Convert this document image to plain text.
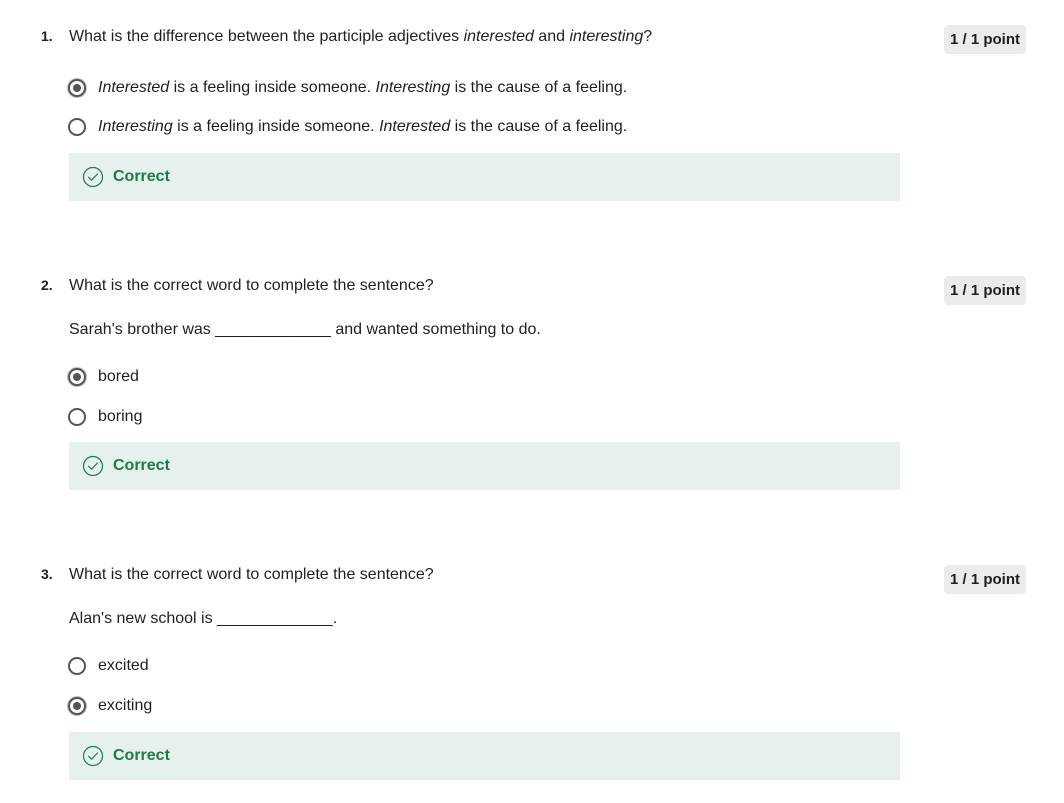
1. What is the difference between the participle adjectives interested and interesting?	1 / 1 point
Interested is a feeling inside someone. Interesting is the cause of a feeling.
Interesting is a feeling inside someone. Interested is the cause of a feeling.
Correct
2. What is the correct word to complete the sentence?	1 / 1 point
Sarah's brother was _____________ and wanted something to do.
bored
boring
Correct
3. What is the correct word to complete the sentence?	1 / 1 point
Alan's new school is _____________.
excited
exciting
Correct
